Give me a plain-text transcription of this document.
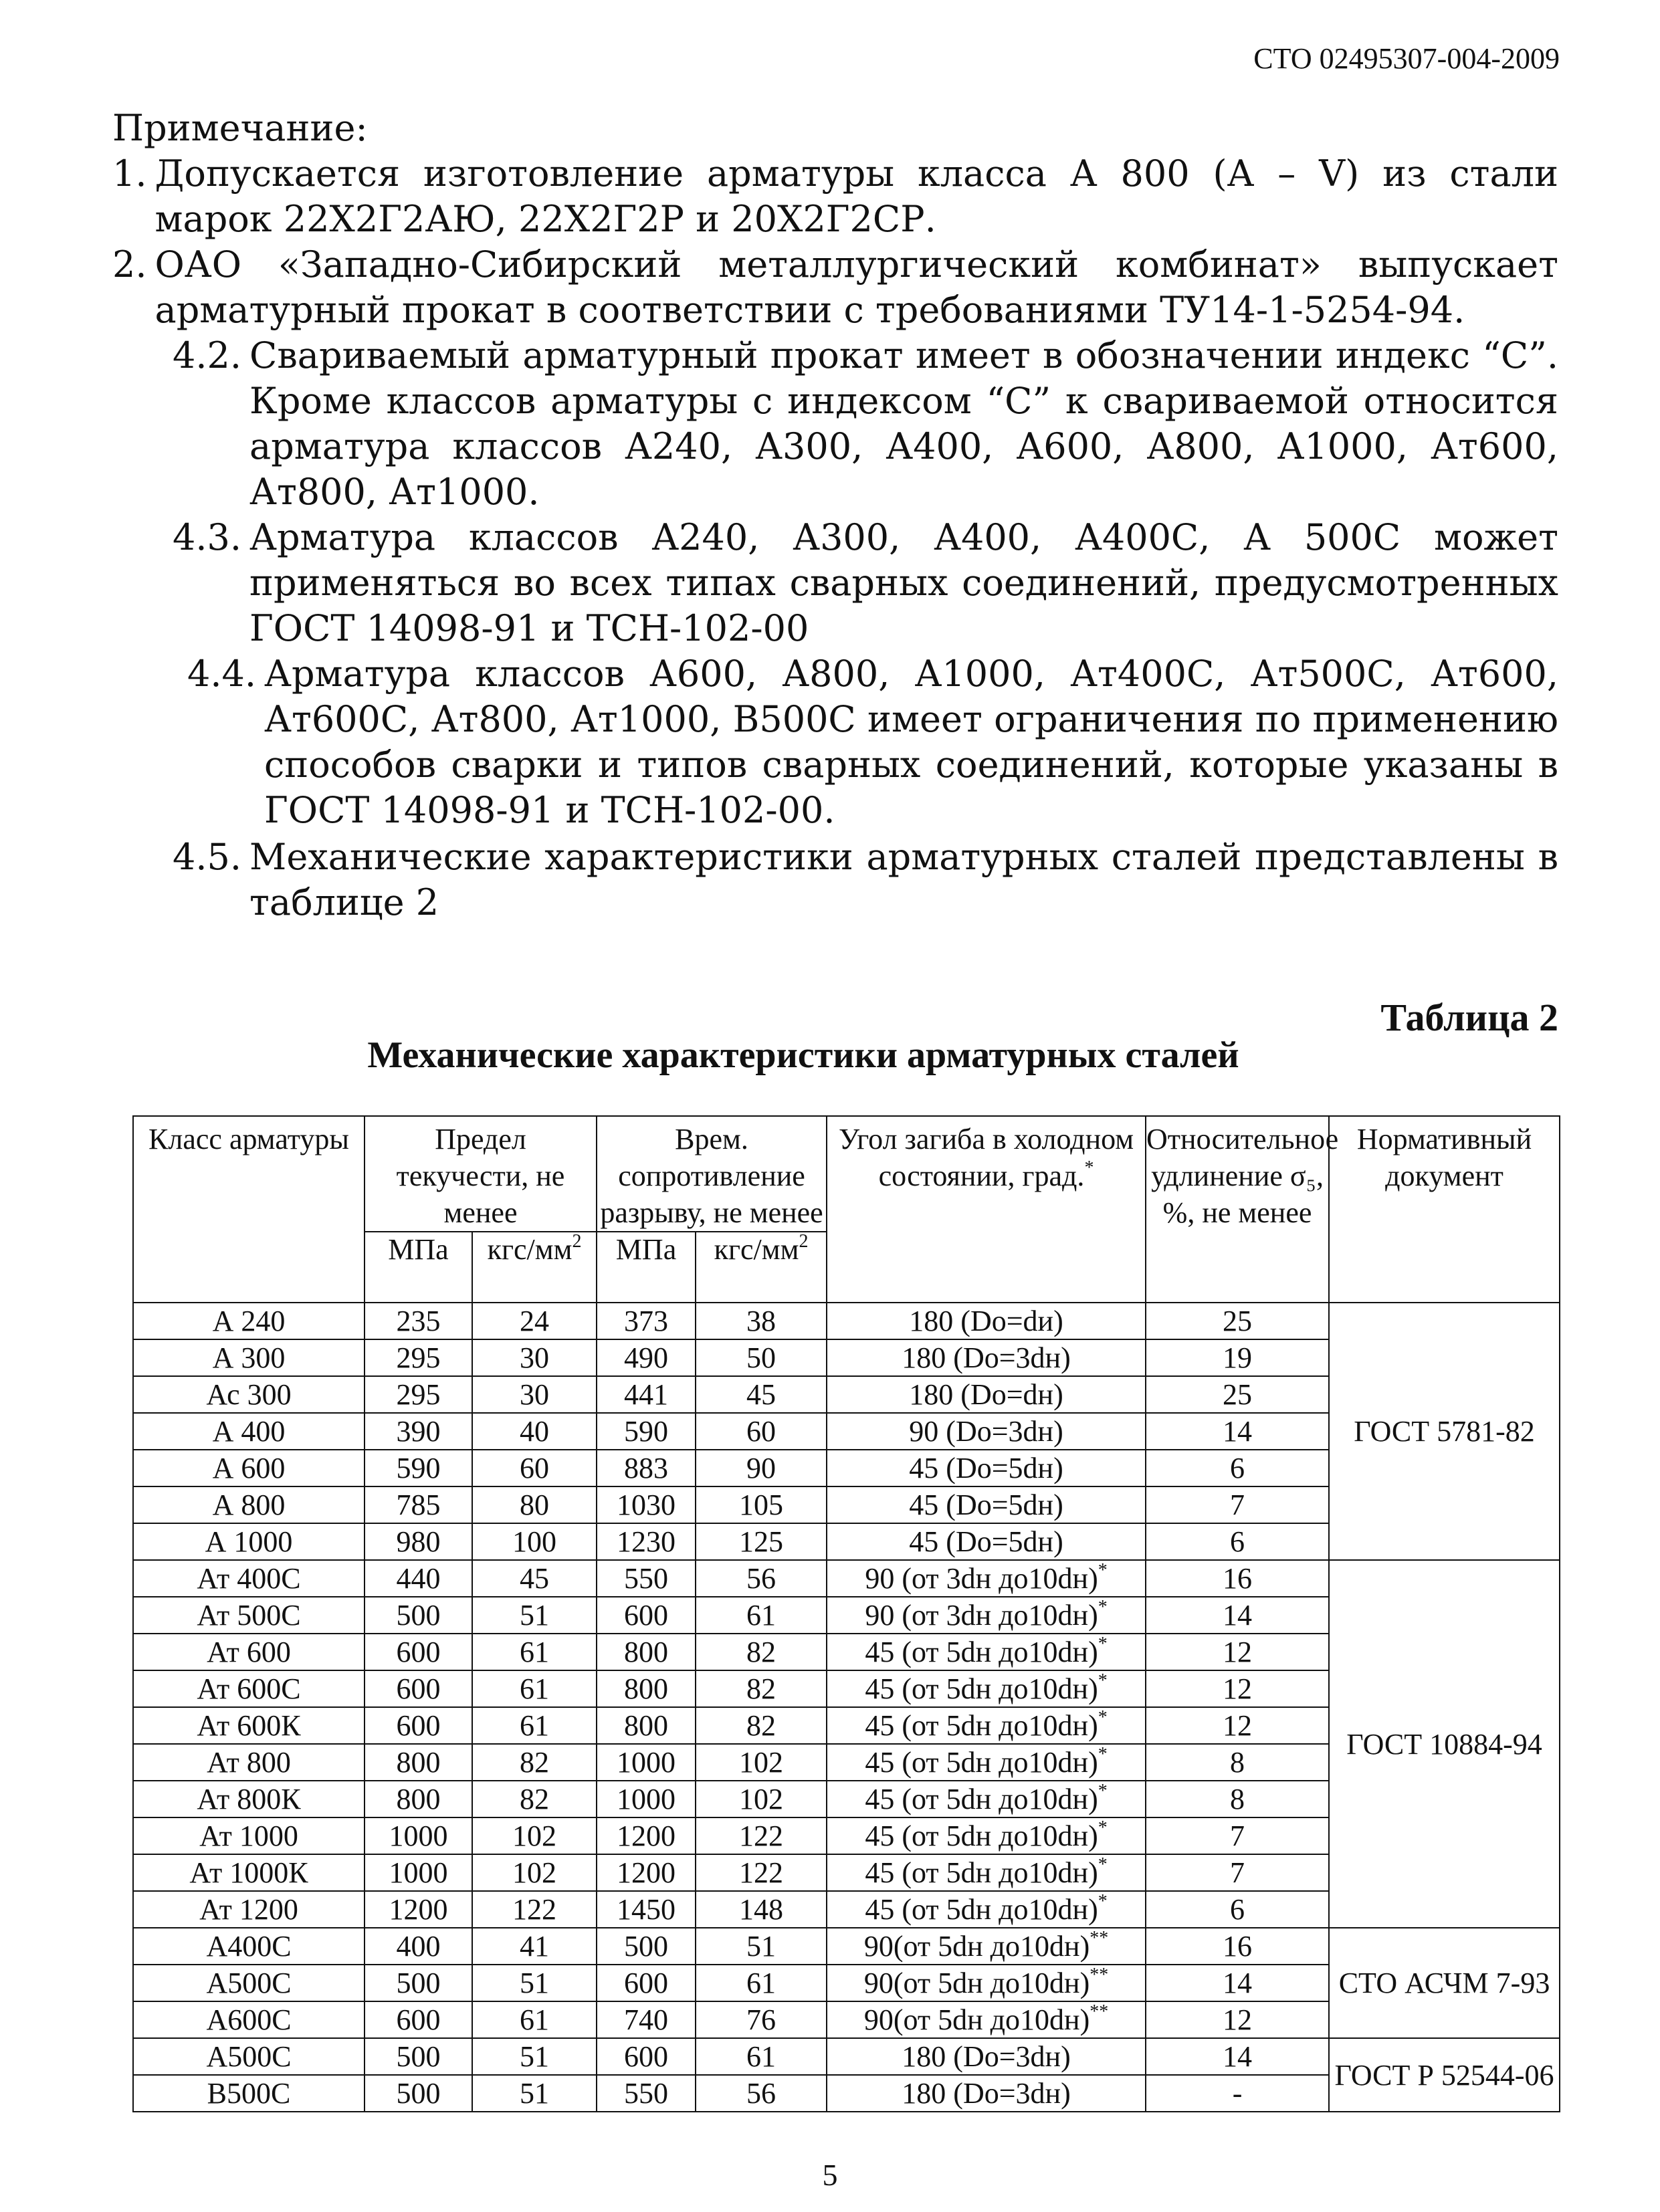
СТО 02495307-004-2009
Примечание:
1. Допускается изготовление арматуры класса А 800 (А – V) из стали марок 22Х2Г2АЮ, 22Х2Г2Р и 20Х2Г2СР.
2. ОАО «Западно-Сибирский металлургический комбинат» выпускает арматурный прокат в соответствии с требованиями ТУ14-1-5254-94.
4.2. Свариваемый арматурный прокат имеет в обозначении индекс “С”. Кроме классов арматуры с индексом “С” к свариваемой относится арматура классов А240, А300, А400, А600, А800, А1000, Ат600, Ат800, Ат1000.
4.3. Арматура классов А240, А300, А400, А400С, А 500С может применяться во всех типах сварных соединений, предусмотренных ГОСТ 14098-91 и ТСН-102-00
4.4. Арматура классов А600, А800, А1000, Ат400С, Ат500С, Ат600, Ат600С, Ат800, Ат1000, В500С имеет ограничения по применению способов сварки и типов сварных соединений, которые указаны в ГОСТ 14098-91 и ТСН-102-00.
4.5. Механические характеристики арматурных сталей представлены в таблице 2
Таблица 2
Механические характеристики арматурных сталей
Класс арматуры	Предел текучести, не менее		Врем. сопротивление разрыву, не менее		Угол загиба в холодном состоянии, град.*	Относительное удлинение σ₅, %, не менее	Нормативный документ
	МПа	кгс/$мм^2$	МПа	кгс/$мм^2$
А 240	235	24	373	38	180 (Do=dи)	25	ГОСТ 5781-82
А 300	295	30	490	50	180 (Do=3dн)	19	
Ас 300	295	30	441	45	180 (Do=dн)	25	
А 400	390	40	590	60	90 (Do=3dн)	14	
А 600	590	60	883	90	45 (Do=5dн)	6	
А 800	785	80	1030	105	45 (Do=5dн)	7	
А 1000	980	100	1230	125	45 (Do=5dн)	6	
Ат 400С	440	45	550	56	90 (от 3dн до10dн)*	16	ГОСТ 10884-94
Ат 500С	500	51	600	61	90 (от 3dн до10dн)*	14	
Ат 600	600	61	800	82	45 (от 5dн до10dн)*	12	
Ат 600С	600	61	800	82	45 (от 5dн до10dн)*	12	
Ат 600К	600	61	800	82	45 (от 5dн до10dн)*	12	
Ат 800	800	82	1000	102	45 (от 5dн до10dн)*	8	
Ат 800К	800	82	1000	102	45 (от 5dн до10dн)*	8	
Ат 1000	1000	102	1200	122	45 (от 5dн до10dн)*	7	
Ат 1000К	1000	102	1200	122	45 (от 5dн до10dн)*	7	
Ат 1200	1200	122	1450	148	45 (от 5dн до10dн)*	6	
А400С	400	41	500	51	90(от 5dн до10dн)**	16	СТО АСЧМ 7-93
А500С	500	51	600	61	90(от 5dн до10dн)**	14	
А600С	600	61	740	76	90(от 5dн до10dн)**	12	
А500С	500	51	600	61	180 (Do=3dн)	14	ГОСТ Р 52544-06
В500С	500	51	550	56	180 (Do=3dн)	-	
5
